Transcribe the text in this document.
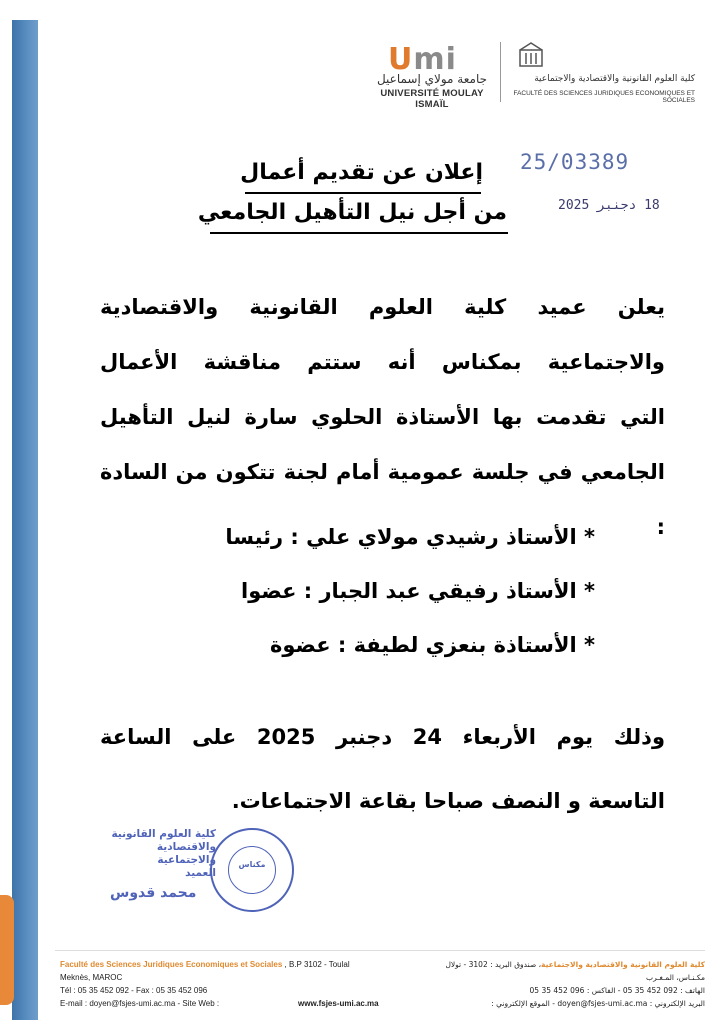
Umi
جامعة مولاي إسماعيل
UNIVERSITÉ MOULAY ISMAÏL
كلية العلوم القانونية والاقتصادية والاجتماعية
FACULTÉ DES SCIENCES JURIDIQUES ECONOMIQUES ET SOCIALES
25/03389
18 دجنبر 2025
إعلان عن تقديم أعمال
من أجل نيل التأهيل الجامعي
يعلن عميد كلية العلوم القانونية والاقتصادية
والاجتماعية بمكناس أنه ستتم مناقشة الأعمال
التي تقدمت بها الأستاذة الحلوي سارة لنيل التأهيل
الجامعي في جلسة عمومية أمام لجنة تتكون من السادة :
* الأستاذ رشيدي مولاي علي : رئيسا
* الأستاذ رفيقي عبد الجبار : عضوا
* الأستاذة بنعزي لطيفة : عضوة
وذلك يوم الأربعاء 24 دجنبر 2025 على الساعة
التاسعة و النصف صباحا بقاعة الاجتماعات.
كلية العلوم القانونية
والاقتصادية والاجتماعية
العميد
محمد قدوس
مكناس
Faculté des Sciences Juridiques Economiques et Sociales , B.P 3102 - Toulal
Meknès, MAROC
Tél : 05 35 452 092 - Fax : 05 35 452 096
E-mail : doyen@fsjes-umi.ac.ma - Site Web :	www.fsjes-umi.ac.ma
كلية العلوم القانونية والاقتصادية والاجتماعية، صندوق البريد : 3102 - تولال
مكـنـاس، المـغـرب
الهاتف : 092 452 35 05 - الفاكس : 096 452 35 05
البريد الإلكتروني : doyen@fsjes-umi.ac.ma - الموقع الإلكتروني :
